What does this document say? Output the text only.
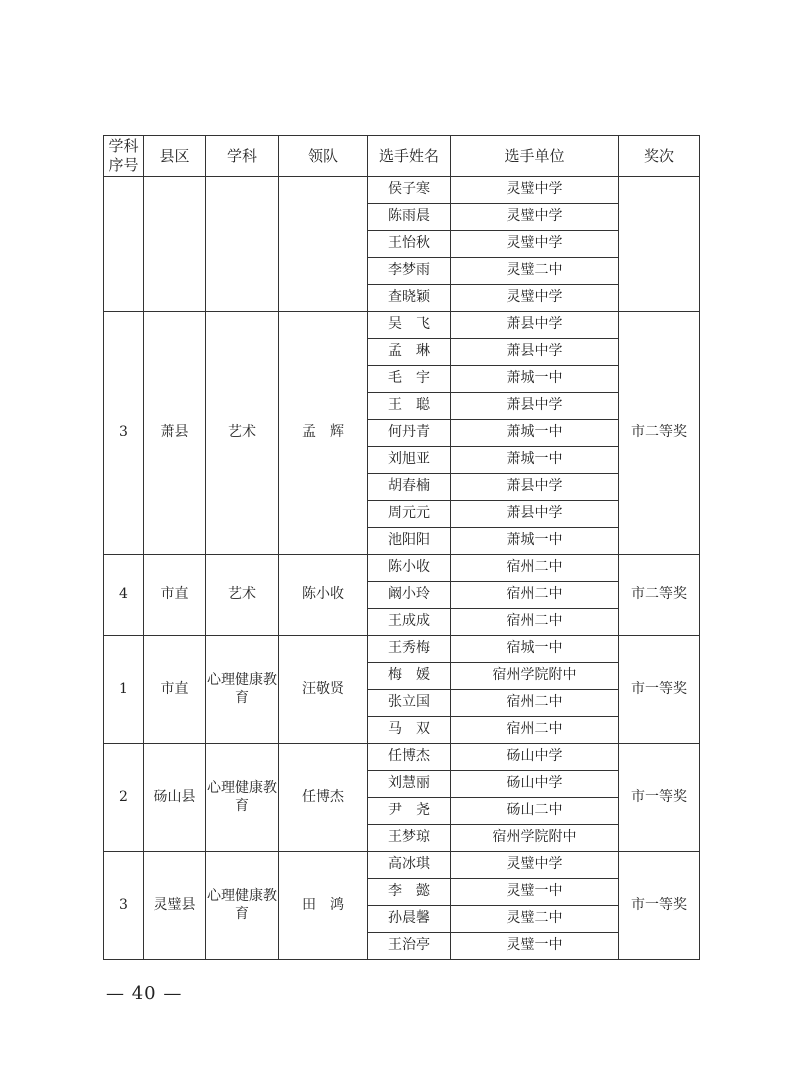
学科序号	县区	学科	领队	选手姓名	选手单位	奖次
				侯子寒	灵璧中学	
				陈雨晨	灵璧中学	
				王怡秋	灵璧中学	
				李梦雨	灵璧二中	
				查晓颖	灵璧中学	
3	萧县	艺术	孟　辉	吴　飞	萧县中学	市二等奖
				孟　琳	萧县中学	
				毛　宇	萧城一中	
				王　聪	萧县中学	
				何丹青	萧城一中	
				刘旭亚	萧城一中	
				胡春楠	萧县中学	
				周元元	萧县中学	
				池阳阳	萧城一中	
4	市直	艺术	陈小收	陈小收	宿州二中	市二等奖
				阚小玲	宿州二中	
				王成成	宿州二中	
1	市直	心理健康教育	汪敬贤	王秀梅	宿城一中	市一等奖
				梅　媛	宿州学院附中	
				张立国	宿州二中	
				马　双	宿州二中	
2	砀山县	心理健康教育	任博杰	任博杰	砀山中学	市一等奖
				刘慧丽	砀山中学	
				尹　尧	砀山二中	
				王梦琼	宿州学院附中	
3	灵璧县	心理健康教育	田　鸿	高冰琪	灵璧中学	市一等奖
				李　懿	灵璧一中	
				孙晨馨	灵璧二中	
				王治亭	灵璧一中	
— 40 —
